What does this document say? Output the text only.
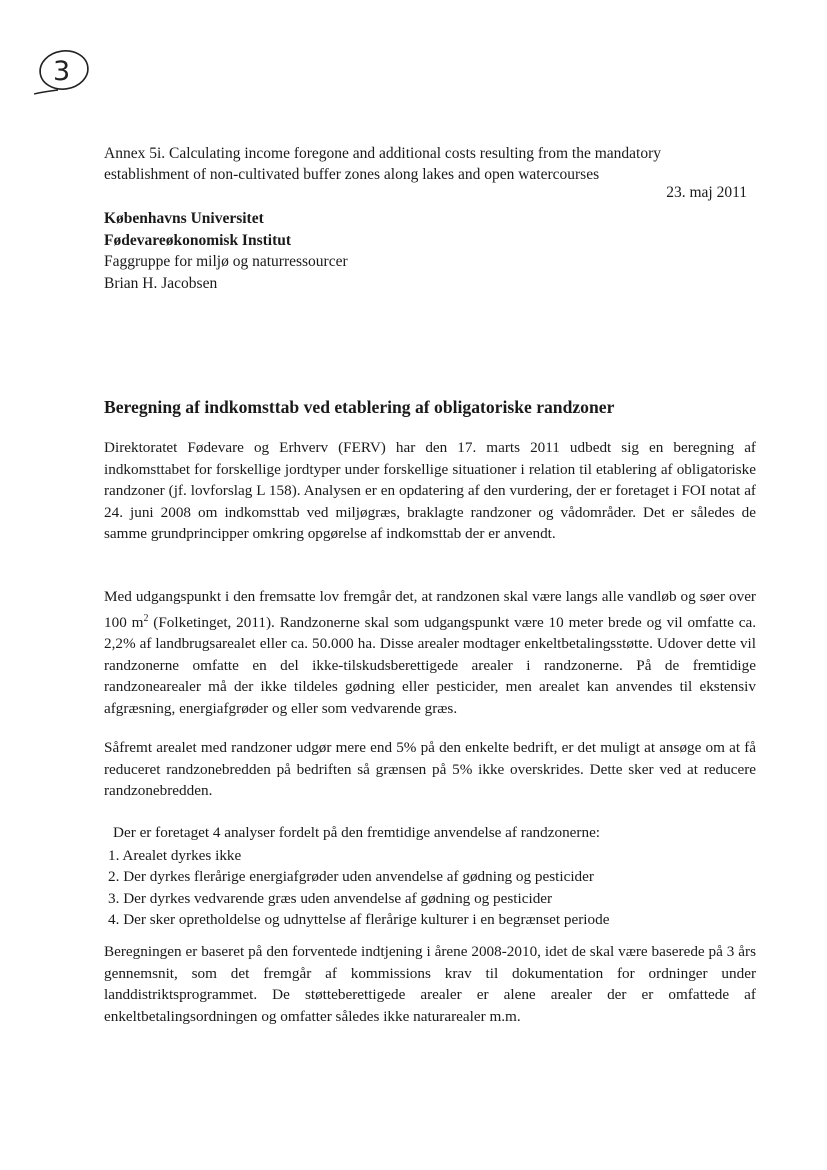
3
Annex 5i. Calculating income foregone and additional costs resulting from the mandatory
establishment of non-cultivated buffer zones along lakes and open watercourses
23. maj 2011
Københavns Universitet
Fødevareøkonomisk Institut
Faggruppe for miljø og naturressourcer
Brian H. Jacobsen
Beregning af indkomsttab ved etablering af obligatoriske randzoner

Direktoratet Fødevare og Erhverv (FERV) har den 17. marts 2011 udbedt sig en beregning af indkomsttabet for forskellige jordtyper under forskellige situationer i relation til etablering af obligatoriske randzoner (jf. lovforslag L 158). Analysen er en opdatering af den vurdering, der er foretaget i FOI notat af 24. juni 2008 om indkomsttab ved miljøgræs, braklagte randzoner og vådområder. Det er således de samme grundprincipper omkring opgørelse af indkomsttab der er anvendt.

Med udgangspunkt i den fremsatte lov fremgår det, at randzonen skal være langs alle vandløb og søer over 100 $m^2$ (Folketinget, 2011). Randzonerne skal som udgangspunkt være 10 meter brede og vil omfatte ca. 2,2% af landbrugsarealet eller ca. 50.000 ha. Disse arealer modtager enkeltbetalingsstøtte. Udover dette vil randzonerne omfatte en del ikke-tilskudsberettigede arealer i randzonerne. På de fremtidige randzonearealer må der ikke tildeles gødning eller pesticider, men arealet kan anvendes til ekstensiv afgræsning, energiafgrøder og eller som vedvarende græs.

Såfremt arealet med randzoner udgør mere end 5% på den enkelte bedrift, er det muligt at ansøge om at få reduceret randzonebredden på bedriften så grænsen på 5% ikke overskrides. Dette sker ved at reducere randzonebredden.

Der er foretaget 4 analyser fordelt på den fremtidige anvendelse af randzonerne:

1. Arealet dyrkes ikke
2. Der dyrkes flerårige energiafgrøder uden anvendelse af gødning og pesticider
3. Der dyrkes vedvarende græs uden anvendelse af gødning og pesticider
4. Der sker opretholdelse og udnyttelse af flerårige kulturer i en begrænset periode

Beregningen er baseret på den forventede indtjening i årene 2008-2010, idet de skal være baserede på 3 års gennemsnit, som det fremgår af kommissions krav til dokumentation for ordninger under landdistriktsprogrammet. De støtteberettigede arealer er alene arealer der er omfattede af enkeltbetalingsordningen og omfatter således ikke naturarealer m.m.
